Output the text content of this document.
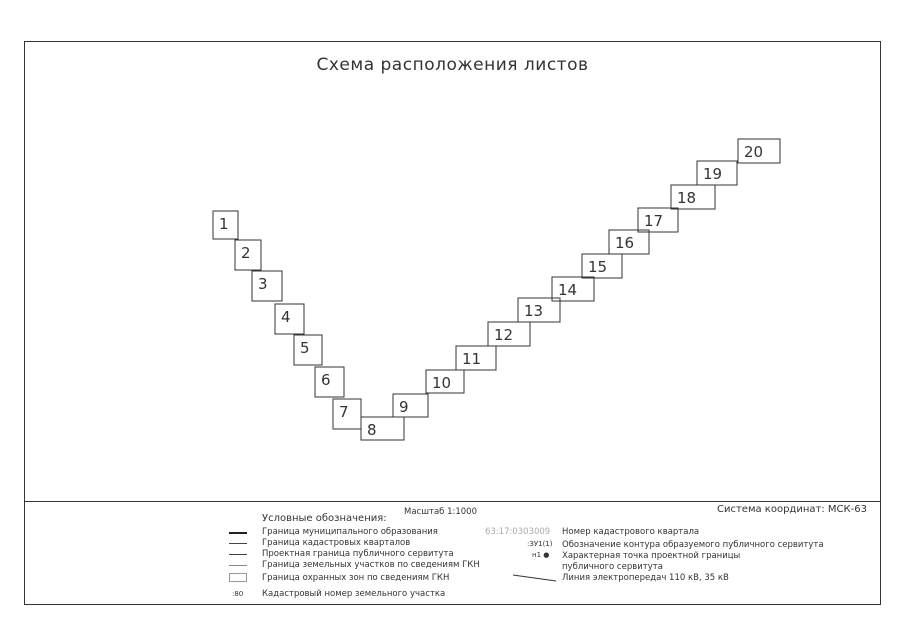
Схема расположения листов
1
2
3
4
5
6
7
8
9
10
11
12
13
14
15
16
17
18
19
20
Условные обозначения:
Масштаб 1:1000	Система координат: МСК-63
Граница муниципального образования
Граница кадастровых кварталов
Проектная граница публичного сервитута
Граница земельных участков по сведениям ГКН
Граница охранных зон по сведениям ГКН
:80 Кадастровый номер земельного участка
63:17:0303009 Номер кадастрового квартала
:ЗУ1(1) Обозначение контура образуемого публичного сервитута
н1 ● Характерная точка проектной границы публичного сервитута
Линия электропередач 110 кВ, 35 кВ
